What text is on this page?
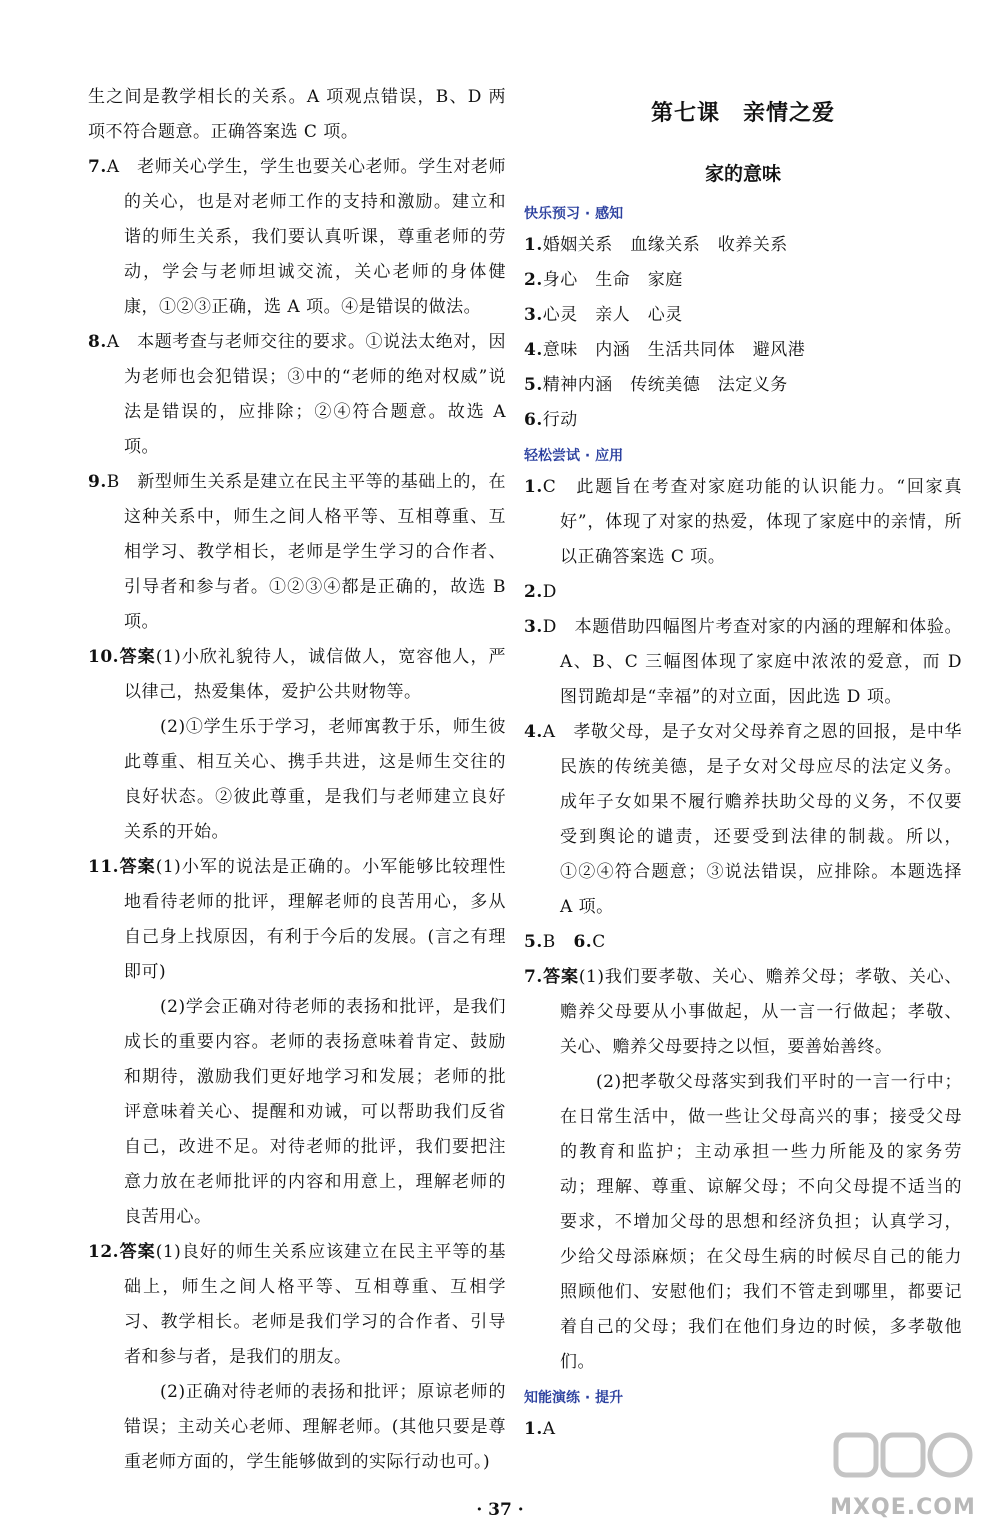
生之间是教学相长的关系。A 项观点错误，B、D 两项不符合题意。正确答案选 C 项。

7.A　老师关心学生，学生也要关心老师。学生对老师的关心，也是对老师工作的支持和激励。建立和谐的师生关系，我们要认真听课，尊重老师的劳动，学会与老师坦诚交流，关心老师的身体健康，①②③正确，选 A 项。④是错误的做法。

8.A　本题考查与老师交往的要求。①说法太绝对，因为老师也会犯错误；③中的“老师的绝对权威”说法是错误的，应排除；②④符合题意。故选 A 项。

9.B　新型师生关系是建立在民主平等的基础上的，在这种关系中，师生之间人格平等、互相尊重、互相学习、教学相长，老师是学生学习的合作者、引导者和参与者。①②③④都是正确的，故选 B 项。

10.答案(1)小欣礼貌待人，诚信做人，宽容他人，严以律己，热爱集体，爱护公共财物等。

(2)①学生乐于学习，老师寓教于乐，师生彼此尊重、相互关心、携手共进，这是师生交往的良好状态。②彼此尊重，是我们与老师建立良好关系的开始。

11.答案(1)小军的说法是正确的。小军能够比较理性地看待老师的批评，理解老师的良苦用心，多从自己身上找原因，有利于今后的发展。(言之有理即可)

(2)学会正确对待老师的表扬和批评，是我们成长的重要内容。老师的表扬意味着肯定、鼓励和期待，激励我们更好地学习和发展；老师的批评意味着关心、提醒和劝诫，可以帮助我们反省自己，改进不足。对待老师的批评，我们要把注意力放在老师批评的内容和用意上，理解老师的良苦用心。

12.答案(1)良好的师生关系应该建立在民主平等的基础上，师生之间人格平等、互相尊重、互相学习、教学相长。老师是我们学习的合作者、引导者和参与者，是我们的朋友。

(2)正确对待老师的表扬和批评；原谅老师的错误；主动关心老师、理解老师。(其他只要是尊重老师方面的，学生能够做到的实际行动也可。)

第七课　亲情之爱
家的意味
快乐预习 · 感知

1.婚姻关系　血缘关系　收养关系

2.身心　生命　家庭

3.心灵　亲人　心灵

4.意味　内涵　生活共同体　避风港

5.精神内涵　传统美德　法定义务

6.行动

轻松尝试 · 应用

1.C　此题旨在考查对家庭功能的认识能力。“回家真好”，体现了对家的热爱，体现了家庭中的亲情，所以正确答案选 C 项。

2.D

3.D　本题借助四幅图片考查对家的内涵的理解和体验。A、B、C 三幅图体现了家庭中浓浓的爱意，而 D 图罚跪却是“幸福”的对立面，因此选 D 项。

4.A　孝敬父母，是子女对父母养育之恩的回报，是中华民族的传统美德，是子女对父母应尽的法定义务。成年子女如果不履行赡养扶助父母的义务，不仅要受到舆论的谴责，还要受到法律的制裁。所以，①②④符合题意；③说法错误，应排除。本题选择 A 项。

5.B 6.C

7.答案(1)我们要孝敬、关心、赡养父母；孝敬、关心、赡养父母要从小事做起，从一言一行做起；孝敬、关心、赡养父母要持之以恒，要善始善终。

(2)把孝敬父母落实到我们平时的一言一行中；在日常生活中，做一些让父母高兴的事；接受父母的教育和监护；主动承担一些力所能及的家务劳动；理解、尊重、谅解父母；不向父母提不适当的要求，不增加父母的思想和经济负担；认真学习，少给父母添麻烦；在父母生病的时候尽自己的能力照顾他们、安慰他们；我们不管走到哪里，都要记着自己的父母；我们在他们身边的时候，多孝敬他们。

知能演练 · 提升

1.A

· 37 ·	MXQE.COM
